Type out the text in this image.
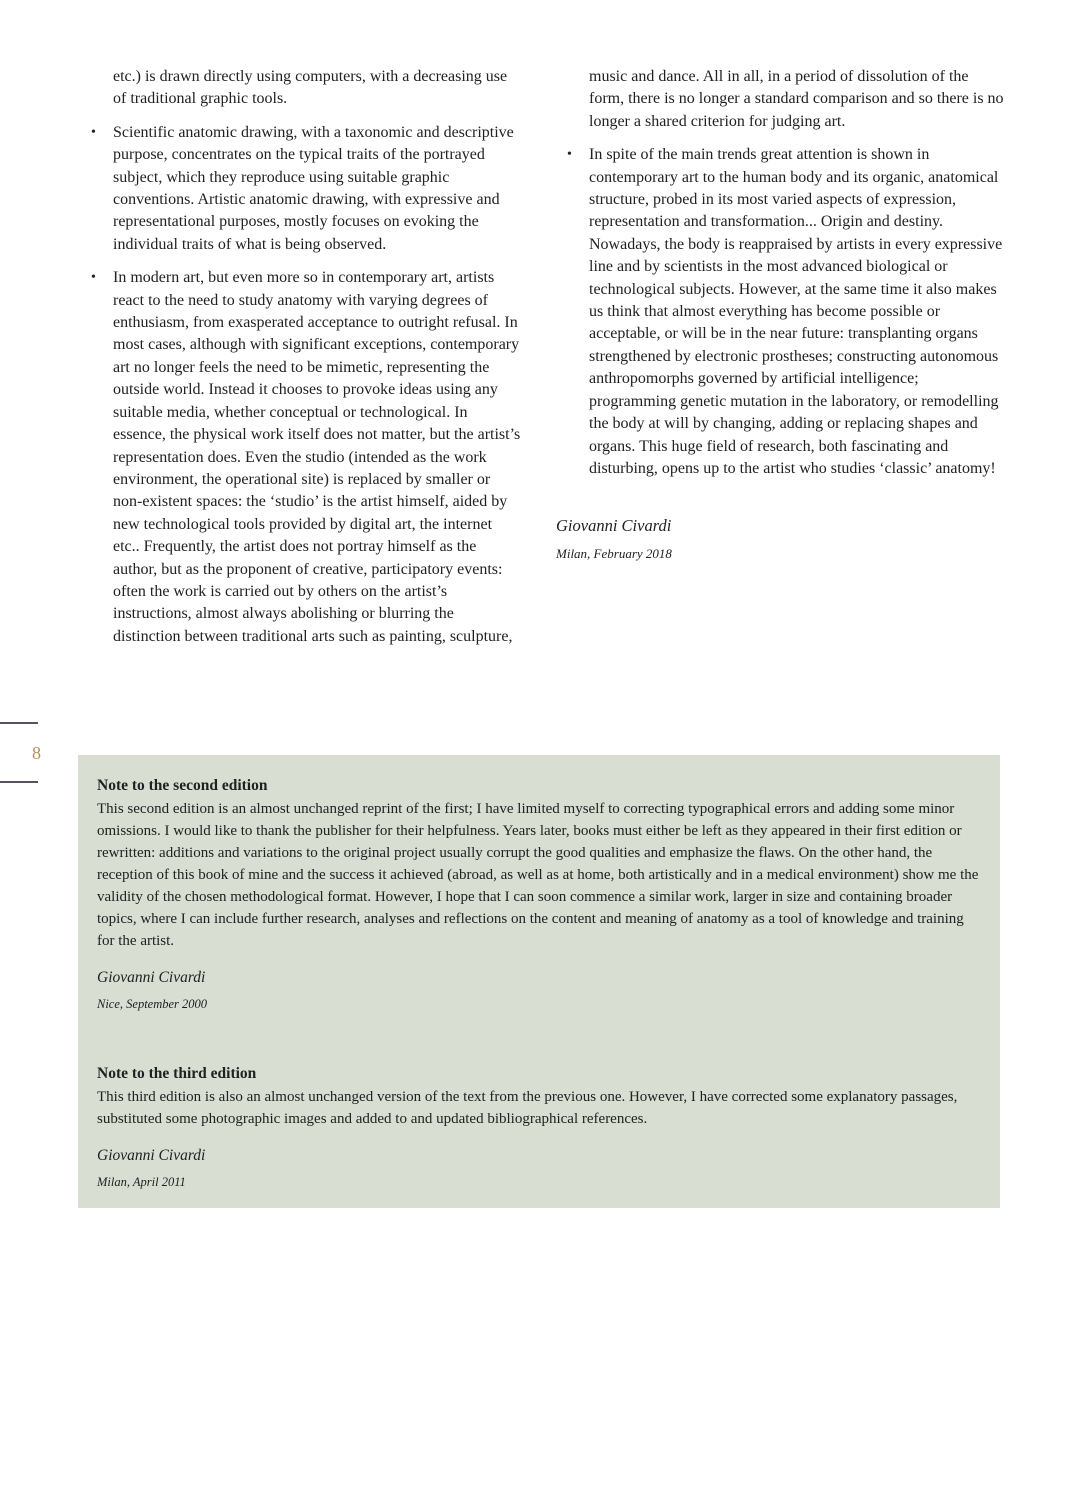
etc.) is drawn directly using computers, with a decreasing use of traditional graphic tools.

• Scientific anatomic drawing, with a taxonomic and descriptive purpose, concentrates on the typical traits of the portrayed subject, which they reproduce using suitable graphic conventions. Artistic anatomic drawing, with expressive and representational purposes, mostly focuses on evoking the individual traits of what is being observed.
• In modern art, but even more so in contemporary art, artists react to the need to study anatomy with varying degrees of enthusiasm, from exasperated acceptance to outright refusal. In most cases, although with significant exceptions, contemporary art no longer feels the need to be mimetic, representing the outside world. Instead it chooses to provoke ideas using any suitable media, whether conceptual or technological. In essence, the physical work itself does not matter, but the artist’s representation does. Even the studio (intended as the work environment, the operational site) is replaced by smaller or non-existent spaces: the ‘studio’ is the artist himself, aided by new technological tools provided by digital art, the internet etc.. Frequently, the artist does not portray himself as the author, but as the proponent of creative, participatory events: often the work is carried out by others on the artist’s instructions, almost always abolishing or blurring the distinction between traditional arts such as painting, sculpture,

music and dance. All in all, in a period of dissolution of the form, there is no longer a standard comparison and so there is no longer a shared criterion for judging art.

• In spite of the main trends great attention is shown in contemporary art to the human body and its organic, anatomical structure, probed in its most varied aspects of expression, representation and transformation... Origin and destiny. Nowadays, the body is reappraised by artists in every expressive line and by scientists in the most advanced biological or technological subjects. However, at the same time it also makes us think that almost everything has become possible or acceptable, or will be in the near future: transplanting organs strengthened by electronic prostheses; constructing autonomous anthropomorphs governed by artificial intelligence; programming genetic mutation in the laboratory, or remodelling the body at will by changing, adding or replacing shapes and organs. This huge field of research, both fascinating and disturbing, opens up to the artist who studies ‘classic’ anatomy!
Giovanni Civardi
Milan, February 2018
8
Note to the second edition
This second edition is an almost unchanged reprint of the first; I have limited myself to correcting typographical errors and adding some minor omissions. I would like to thank the publisher for their helpfulness. Years later, books must either be left as they appeared in their first edition or rewritten: additions and variations to the original project usually corrupt the good qualities and emphasize the flaws. On the other hand, the reception of this book of mine and the success it achieved (abroad, as well as at home, both artistically and in a medical environment) show me the validity of the chosen methodological format. However, I hope that I can soon commence a similar work, larger in size and containing broader topics, where I can include further research, analyses and reflections on the content and meaning of anatomy as a tool of knowledge and training for the artist.
Giovanni Civardi
Nice, September 2000
Note to the third edition
This third edition is also an almost unchanged version of the text from the previous one. However, I have corrected some explanatory passages, substituted some photographic images and added to and updated bibliographical references.
Giovanni Civardi
Milan, April 2011
